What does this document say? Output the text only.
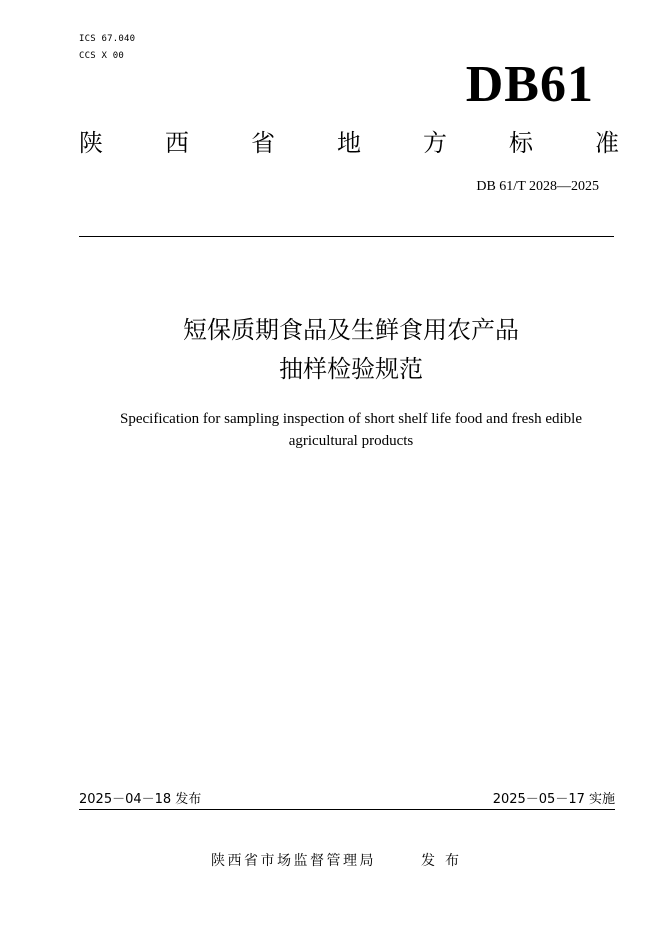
ICS 67.040
CCS X 00	DB61
陕	西	省	地	方	标	准
DB 61/T 2028—2025
短保质期食品及生鲜食用农产品
抽样检验规范
Specification for sampling inspection of short shelf life food and fresh edible
agricultural products
2025－04－18 发布	2025－05－17 实施
陕西省市场监督管理局	发布
